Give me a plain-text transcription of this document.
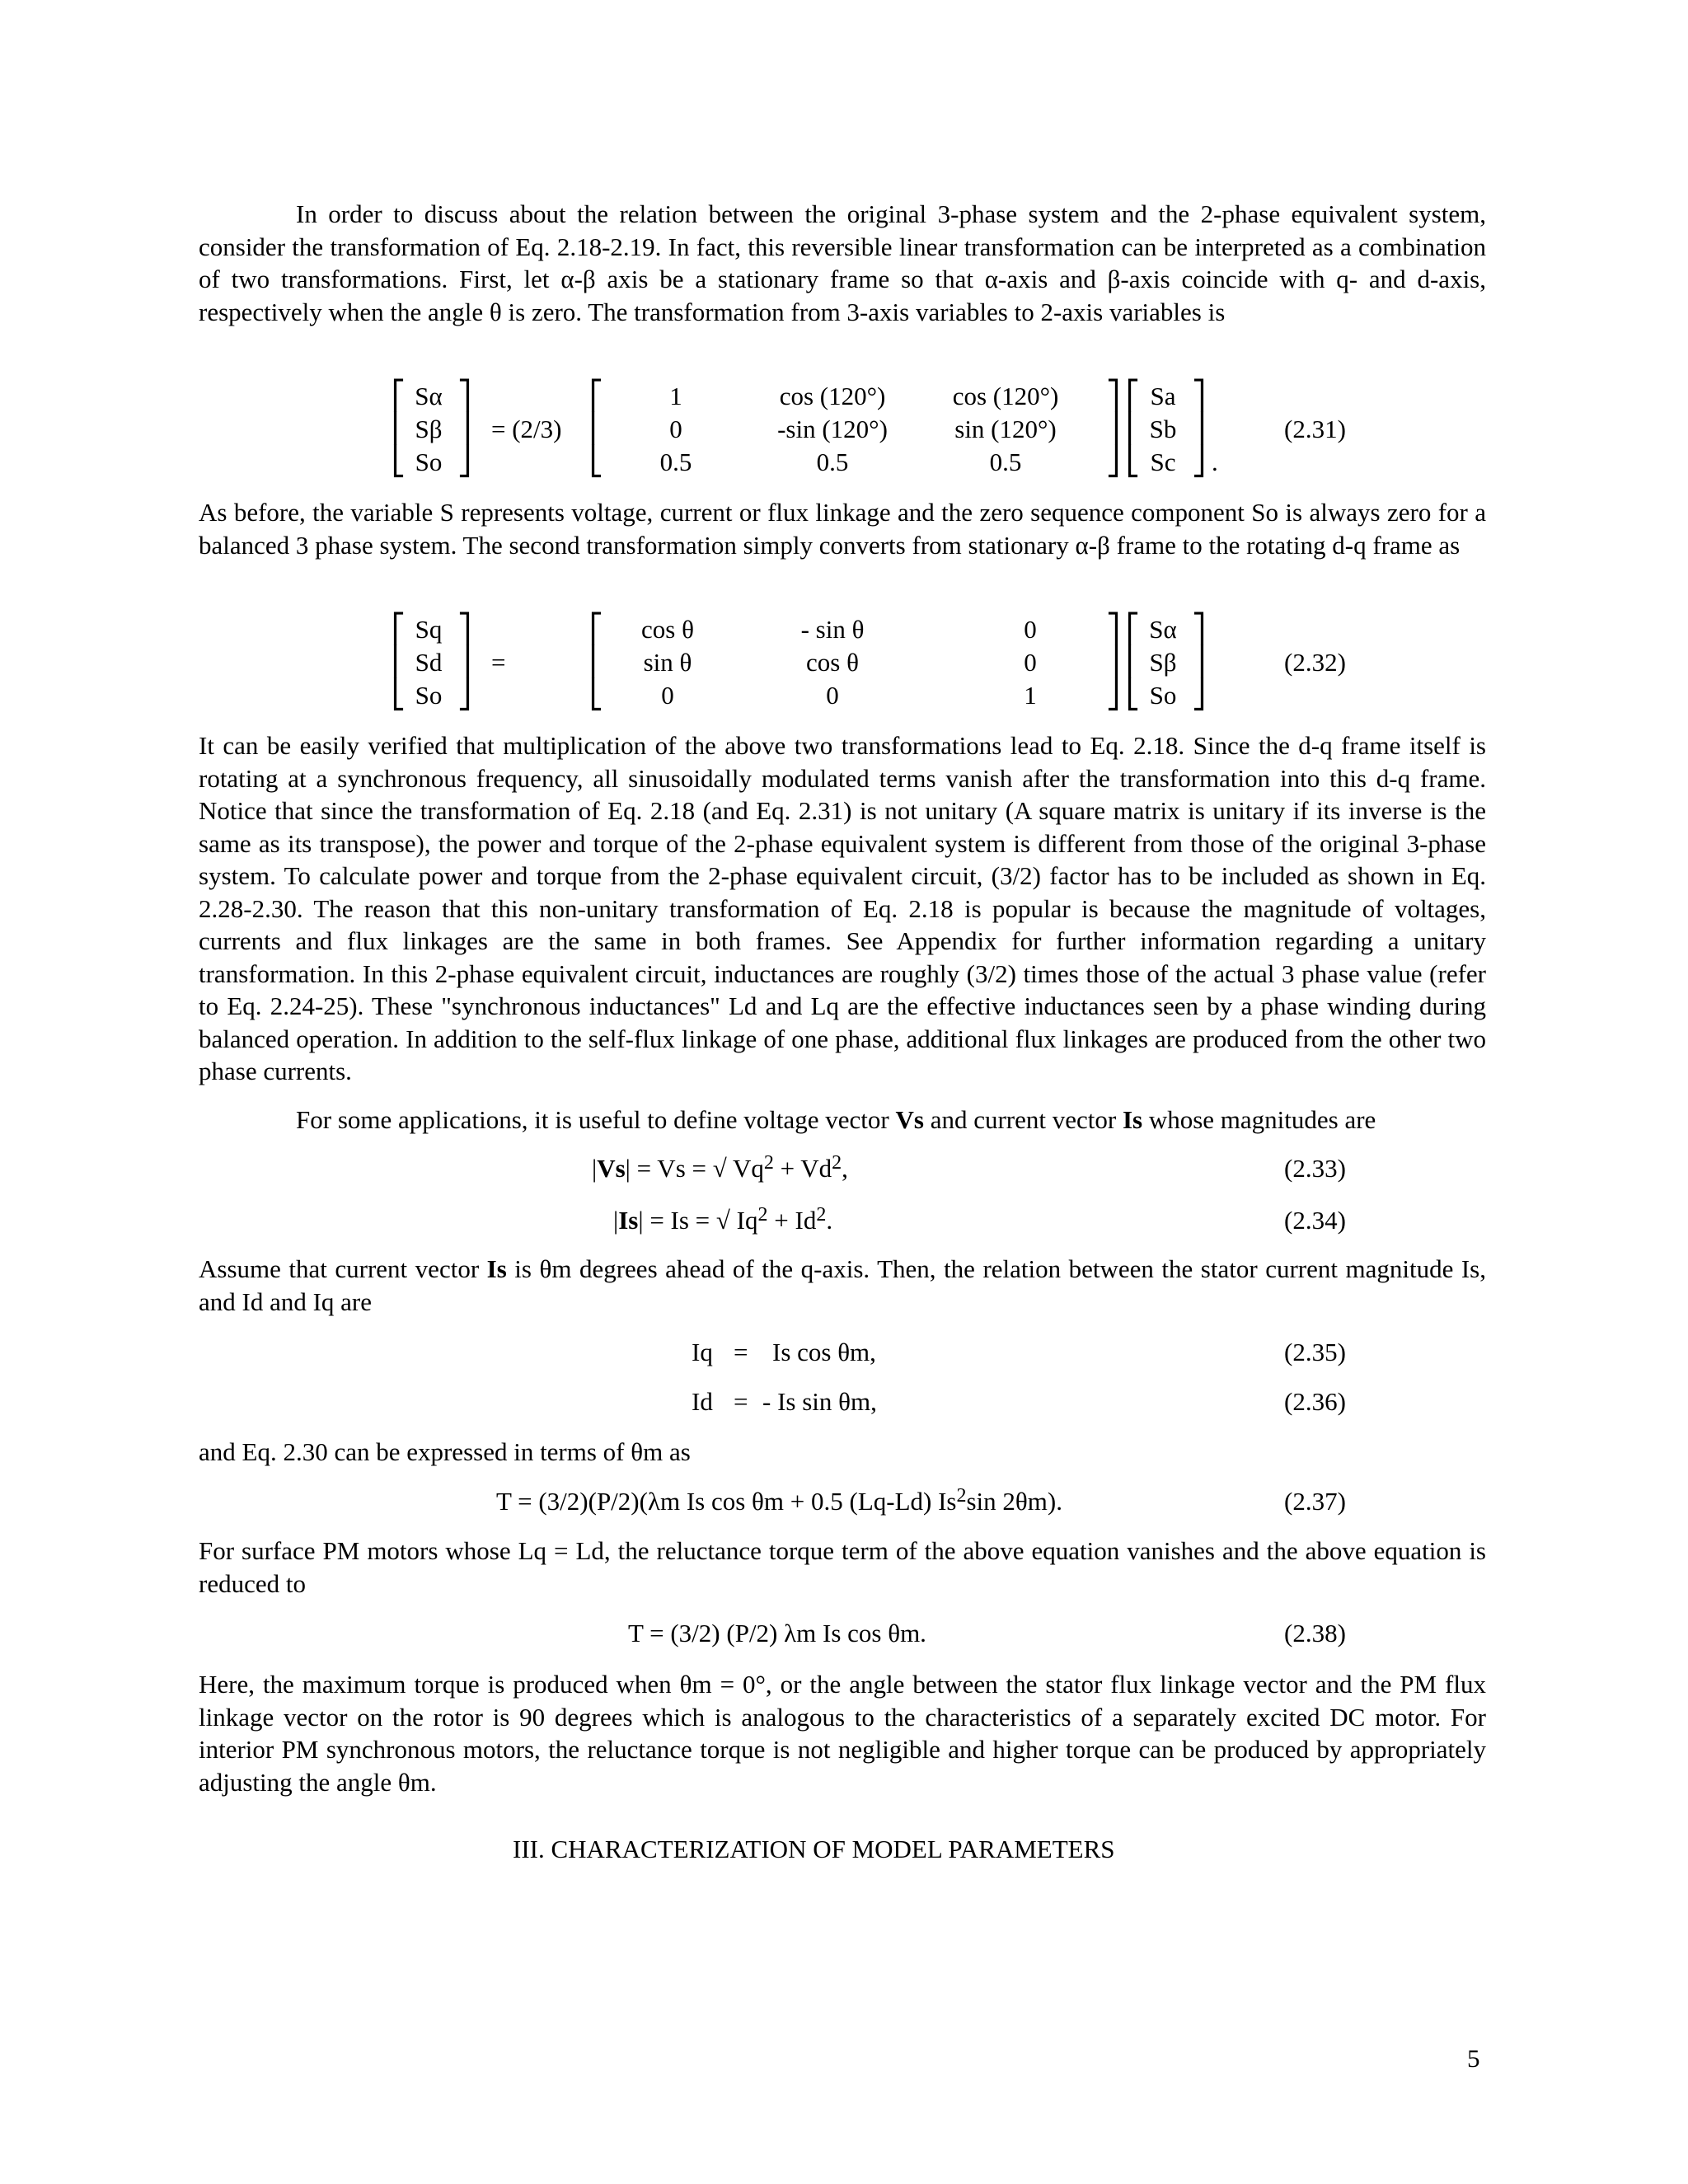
In order to discuss about the relation between the original 3-phase system and the 2-phase equivalent system, consider the transformation of Eq. 2.18-2.19. In fact, this reversible linear transformation can be interpreted as a combination of two transformations. First, let α-β axis be a stationary frame so that α-axis and β-axis coincide with q- and d-axis, respectively when the angle θ is zero. The transformation from 3-axis variables to 2-axis variables is
⎡
⎢
⎣
Sα
Sβ
So
⎤
⎥
⎦
= (2/3)
⎡
⎢
⎣
1	cos (120°)	cos (120°)
0	-sin (120°)	sin (120°)
0.5	0.5	0.5
⎤
⎥
⎦
⎡
⎢
⎣
Sa
Sb
Sc
⎤
⎥
⎦ .
(2.31)
As before, the variable S represents voltage, current or flux linkage and the zero sequence component So is always zero for a balanced 3 phase system. The second transformation simply converts from stationary α-β frame to the rotating d-q frame as
⎡
⎢
⎣
Sq
Sd
So
⎤
⎥
⎦
=
⎡
⎢
⎣
cos θ	- sin θ	0
sin θ	cos θ	0
0	0	1
⎤
⎥
⎦
⎡
⎢
⎣
Sα
Sβ
So
⎤
⎥
⎦
(2.32)
It can be easily verified that multiplication of the above two transformations lead to Eq. 2.18. Since the d-q frame itself is rotating at a synchronous frequency, all sinusoidally modulated terms vanish after the transformation into this d-q frame. Notice that since the transformation of Eq. 2.18 (and Eq. 2.31) is not unitary (A square matrix is unitary if its inverse is the same as its transpose), the power and torque of the 2-phase equivalent system is different from those of the original 3-phase system. To calculate power and torque from the 2-phase equivalent circuit, (3/2) factor has to be included as shown in Eq. 2.28-2.30. The reason that this non-unitary transformation of Eq. 2.18 is popular is because the magnitude of voltages, currents and flux linkages are the same in both frames. See Appendix for further information regarding a unitary transformation. In this 2-phase equivalent circuit, inductances are roughly (3/2) times those of the actual 3 phase value (refer to Eq. 2.24-25). These "synchronous inductances" Ld and Lq are the effective inductances seen by a phase winding during balanced operation. In addition to the self-flux linkage of one phase, additional flux linkages are produced from the other two phase currents.
For some applications, it is useful to define voltage vector Vs and current vector Is whose magnitudes are
|Vs| = Vs = √ $Vq^2 + Vd^2$,	(2.33)
|Is| = Is = √ $Iq^2 + Id^2$.	(2.34)
Assume that current vector Is is θm degrees ahead of the q-axis. Then, the relation between the stator current magnitude Is, and Id and Iq are
Iq = Is cos θm,	(2.35)
Id = - Is sin θm,	(2.36)
and Eq. 2.30 can be expressed in terms of θm as
T = (3/2)(P/2)(λm Is cos θm + 0.5 (Lq-Ld) Is$^2$sin 2θm).	(2.37)
For surface PM motors whose Lq = Ld, the reluctance torque term of the above equation vanishes and the above equation is reduced to
T = (3/2) (P/2) λm Is cos θm.	(2.38)
Here, the maximum torque is produced when θm = 0°, or the angle between the stator flux linkage vector and the PM flux linkage vector on the rotor is 90 degrees which is analogous to the characteristics of a separately excited DC motor. For interior PM synchronous motors, the reluctance torque is not negligible and higher torque can be produced by appropriately adjusting the angle θm.
III. CHARACTERIZATION OF MODEL PARAMETERS
5
